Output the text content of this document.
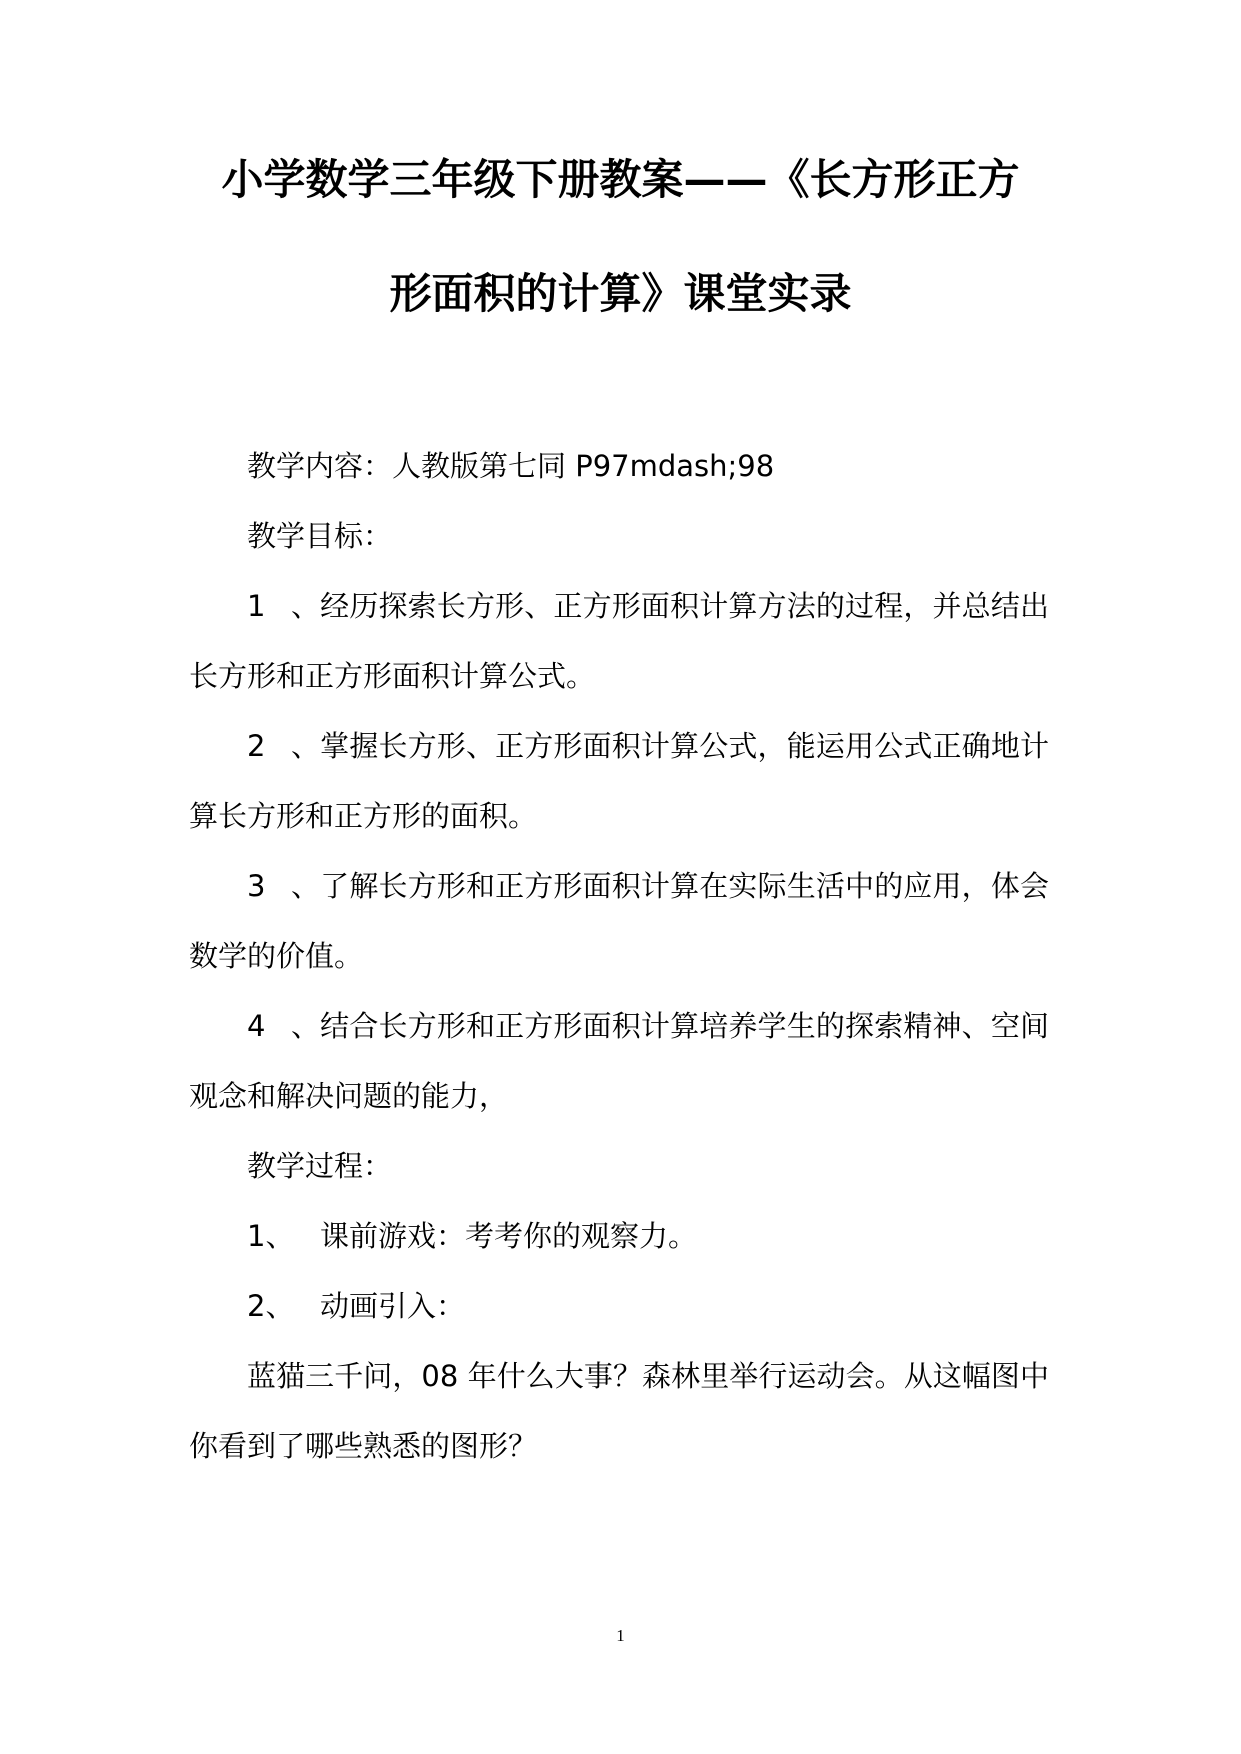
小学数学三年级下册教案——《长方形正方
形面积的计算》课堂实录
教学内容：人教版第七同 P97mdash;98
教学目标：
1、经历探索长方形、正方形面积计算方法的过程，并总结出
长方形和正方形面积计算公式。
2、掌握长方形、正方形面积计算公式，能运用公式正确地计
算长方形和正方形的面积。
3、了解长方形和正方形面积计算在实际生活中的应用，体会
数学的价值。
4、结合长方形和正方形面积计算培养学生的探索精神、空间
观念和解决问题的能力，
教学过程：
1、 课前游戏：考考你的观察力。
2、 动画引入：
蓝猫三千问，08 年什么大事？森林里举行运动会。从这幅图中
你看到了哪些熟悉的图形？
1
